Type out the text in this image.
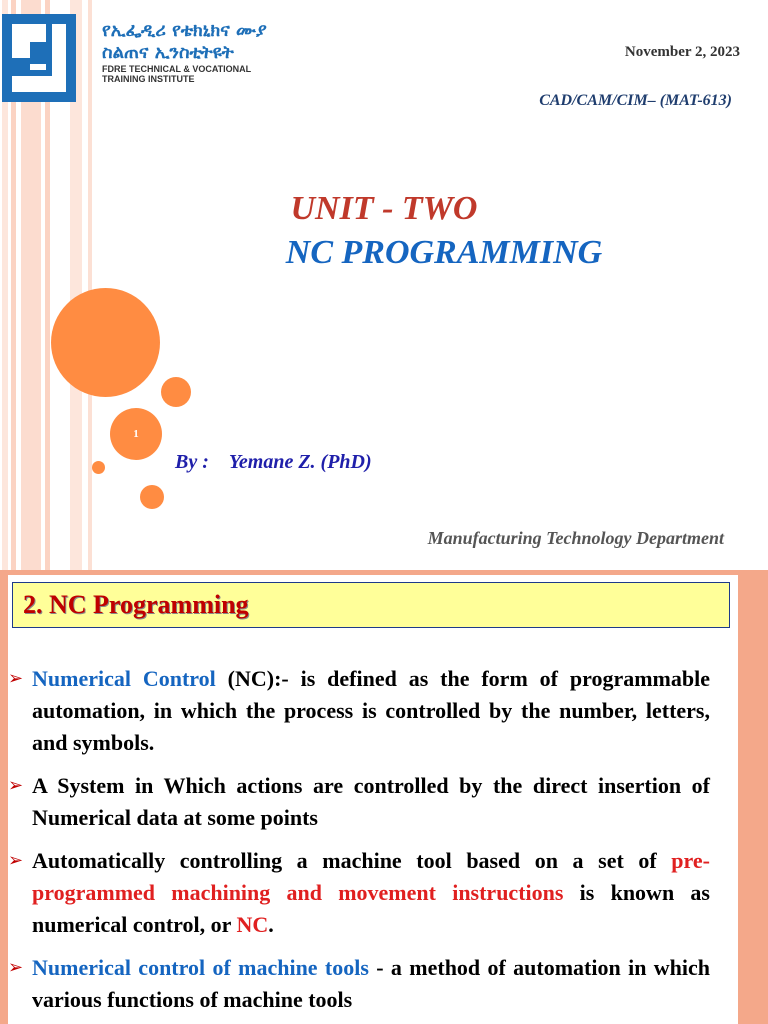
የኢፌዲሪ የቴክኒክና ሙያ
ስልጠና ኢንስቲትዩት
FDRE TECHNICAL & VOCATIONAL
TRAINING INSTITUTE
November 2, 2023
CAD/CAM/CIM– (MAT-613)
UNIT - TWO
NC PROGRAMMING
1
By : Yemane Z. (PhD)
Manufacturing Technology Department
2. NC Programming
➢ Numerical Control (NC):- is defined as the form of programmable automation, in which the process is controlled by the number, letters, and symbols.
➢ A System in Which actions are controlled by the direct insertion of Numerical data at some points
➢ Automatically controlling a machine tool based on a set of pre-programmed machining and movement instructions is known as numerical control, or NC.
➢ Numerical control of machine tools - a method of automation in which various functions of machine tools
